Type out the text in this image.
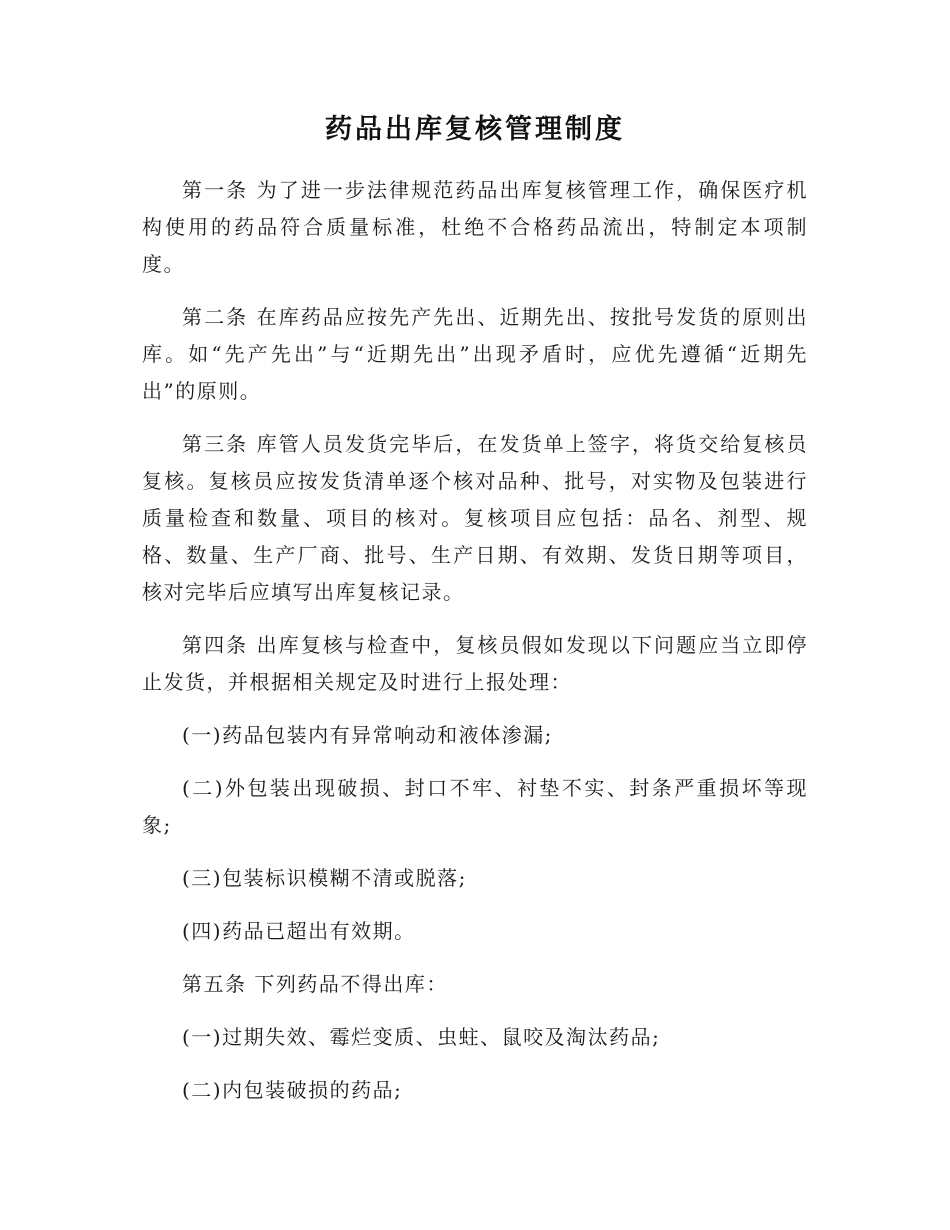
药品出库复核管理制度

第一条 为了进一步法律规范药品出库复核管理工作，确保医疗机构使用的药品符合质量标准，杜绝不合格药品流出，特制定本项制度。

第二条 在库药品应按先产先出、近期先出、按批号发货的原则出库。如“先产先出”与“近期先出”出现矛盾时，应优先遵循“近期先出”的原则。

第三条 库管人员发货完毕后，在发货单上签字，将货交给复核员复核。复核员应按发货清单逐个核对品种、批号，对实物及包装进行质量检查和数量、项目的核对。复核项目应包括：品名、剂型、规格、数量、生产厂商、批号、生产日期、有效期、发货日期等项目，核对完毕后应填写出库复核记录。

第四条 出库复核与检查中，复核员假如发现以下问题应当立即停止发货，并根据相关规定及时进行上报处理：

(一)药品包装内有异常响动和液体渗漏;

(二)外包装出现破损、封口不牢、衬垫不实、封条严重损坏等现象;

(三)包装标识模糊不清或脱落;

(四)药品已超出有效期。

第五条 下列药品不得出库：

(一)过期失效、霉烂变质、虫蛀、鼠咬及淘汰药品;

(二)内包装破损的药品;
